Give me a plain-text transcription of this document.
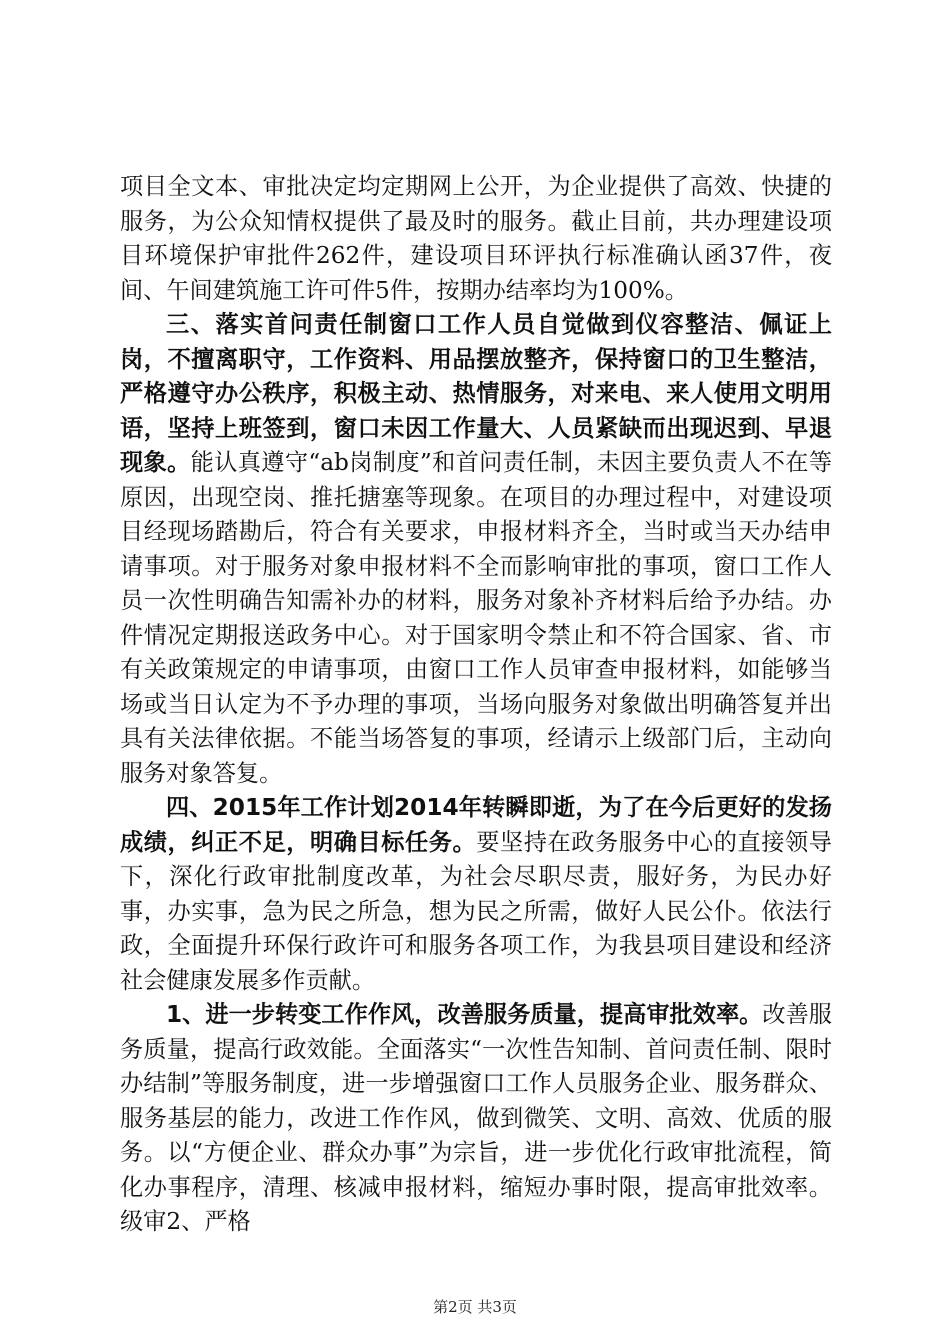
项目全文本、审批决定均定期网上公开，为企业提供了高效、快捷的服务，为公众知情权提供了最及时的服务。截止目前，共办理建设项目环境保护审批件262件，建设项目环评执行标准确认函37件，夜间、午间建筑施工许可件5件，按期办结率均为100%。

三、落实首问责任制窗口工作人员自觉做到仪容整洁、佩证上岗，不擅离职守，工作资料、用品摆放整齐，保持窗口的卫生整洁，严格遵守办公秩序，积极主动、热情服务，对来电、来人使用文明用语，坚持上班签到，窗口未因工作量大、人员紧缺而出现迟到、早退现象。能认真遵守“ab岗制度”和首问责任制，未因主要负责人不在等原因，出现空岗、推托搪塞等现象。在项目的办理过程中，对建设项目经现场踏勘后，符合有关要求，申报材料齐全，当时或当天办结申请事项。对于服务对象申报材料不全而影响审批的事项，窗口工作人员一次性明确告知需补办的材料，服务对象补齐材料后给予办结。办件情况定期报送政务中心。对于国家明令禁止和不符合国家、省、市有关政策规定的申请事项，由窗口工作人员审查申报材料，如能够当场或当日认定为不予办理的事项，当场向服务对象做出明确答复并出具有关法律依据。不能当场答复的事项，经请示上级部门后，主动向服务对象答复。

四、2015年工作计划2014年转瞬即逝，为了在今后更好的发扬成绩，纠正不足，明确目标任务。要坚持在政务服务中心的直接领导下，深化行政审批制度改革，为社会尽职尽责，服好务，为民办好事，办实事，急为民之所急，想为民之所需，做好人民公仆。依法行政，全面提升环保行政许可和服务各项工作，为我县项目建设和经济社会健康发展多作贡献。

1、进一步转变工作作风，改善服务质量，提高审批效率。改善服务质量，提高行政效能。全面落实“一次性告知制、首问责任制、限时办结制”等服务制度，进一步增强窗口工作人员服务企业、服务群众、服务基层的能力，改进工作作风，做到微笑、文明、高效、优质的服务。以“方便企业、群众办事”为宗旨，进一步优化行政审批流程，简化办事程序，清理、核减申报材料，缩短办事时限，提高审批效率。级审2、严格

第2页 共3页
